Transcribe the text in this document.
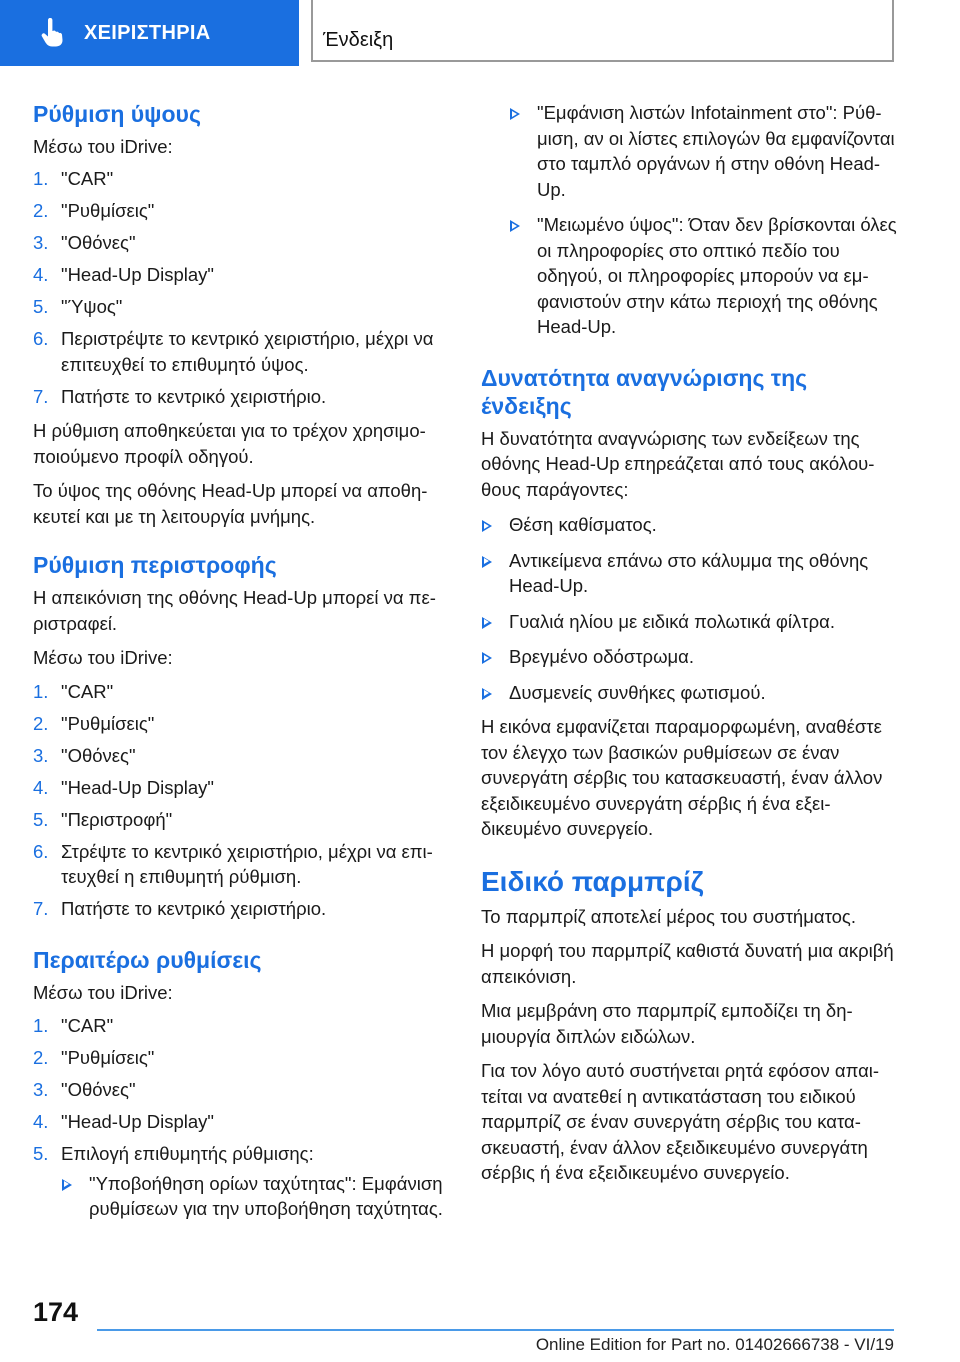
ΧΕΙΡΙΣΤΗΡΙΑ	Ένδειξη
Ρύθμιση ύψους

Μέσω του iDrive:

1. "CAR"
2. "Ρυθμίσεις"
3. "Οθόνες"
4. "Head-Up Display"
5. "Ύψος"
6. Περιστρέψτε το κεντρικό χειριστήριο, μέχρι να επιτευχθεί το επιθυμητό ύψος.
7. Πατήστε το κεντρικό χειριστήριο.

Η ρύθμιση αποθηκεύεται για το τρέχον χρησιμοποιούμενο προφίλ οδηγού.

Το ύψος της οθόνης Head-Up μπορεί να αποθηκευτεί και με τη λειτουργία μνήμης.

Ρύθμιση περιστροφής

Η απεικόνιση της οθόνης Head-Up μπορεί να περιστραφεί.

Μέσω του iDrive:

1. "CAR"
2. "Ρυθμίσεις"
3. "Οθόνες"
4. "Head-Up Display"
5. "Περιστροφή"
6. Στρέψτε το κεντρικό χειριστήριο, μέχρι να επιτευχθεί η επιθυμητή ρύθμιση.
7. Πατήστε το κεντρικό χειριστήριο.
Περαιτέρω ρυθμίσεις

Μέσω του iDrive:

1. "CAR"
2. "Ρυθμίσεις"
3. "Οθόνες"
4. "Head-Up Display"
5. Επιλογή επιθυμητής ρύθμισης:
"Υποβοήθηση ορίων ταχύτητας": Εμφάνιση ρυθμίσεων για την υποβοήθηση ταχύτητας.
"Εμφάνιση λιστών Infotainment στο": Ρύθμιση, αν οι λίστες επιλογών θα εμφανίζονται στο ταμπλό οργάνων ή στην οθόνη Head-Up.
"Μειωμένο ύψος": Όταν δεν βρίσκονται όλες οι πληροφορίες στο οπτικό πεδίο του οδηγού, οι πληροφορίες μπορούν να εμφανιστούν στην κάτω περιοχή της οθόνης Head-Up.
Δυνατότητα αναγνώρισης της ένδειξης

Η δυνατότητα αναγνώρισης των ενδείξεων της οθόνης Head-Up επηρεάζεται από τους ακόλουθους παράγοντες:

Θέση καθίσματος.
Αντικείμενα επάνω στο κάλυμμα της οθόνης Head-Up.
Γυαλιά ηλίου με ειδικά πολωτικά φίλτρα.
Βρεγμένο οδόστρωμα.
Δυσμενείς συνθήκες φωτισμού.

Η εικόνα εμφανίζεται παραμορφωμένη, αναθέστε τον έλεγχο των βασικών ρυθμίσεων σε έναν συνεργάτη σέρβις του κατασκευαστή, έναν άλλον εξειδικευμένο συνεργάτη σέρβις ή ένα εξειδικευμένο συνεργείο.

Ειδικό παρμπρίζ

Το παρμπρίζ αποτελεί μέρος του συστήματος.

Η μορφή του παρμπρίζ καθιστά δυνατή μια ακριβή απεικόνιση.

Μια μεμβράνη στο παρμπρίζ εμποδίζει τη δημιουργία διπλών ειδώλων.

Για τον λόγο αυτό συστήνεται ρητά εφόσον απαιτείται να ανατεθεί η αντικατάσταση του ειδικού παρμπρίζ σε έναν συνεργάτη σέρβις του κατασκευαστή, έναν άλλον εξειδικευμένο συνεργάτη σέρβις ή ένα εξειδικευμένο συνεργείο.

174
Online Edition for Part no. 01402666738 - VI/19
